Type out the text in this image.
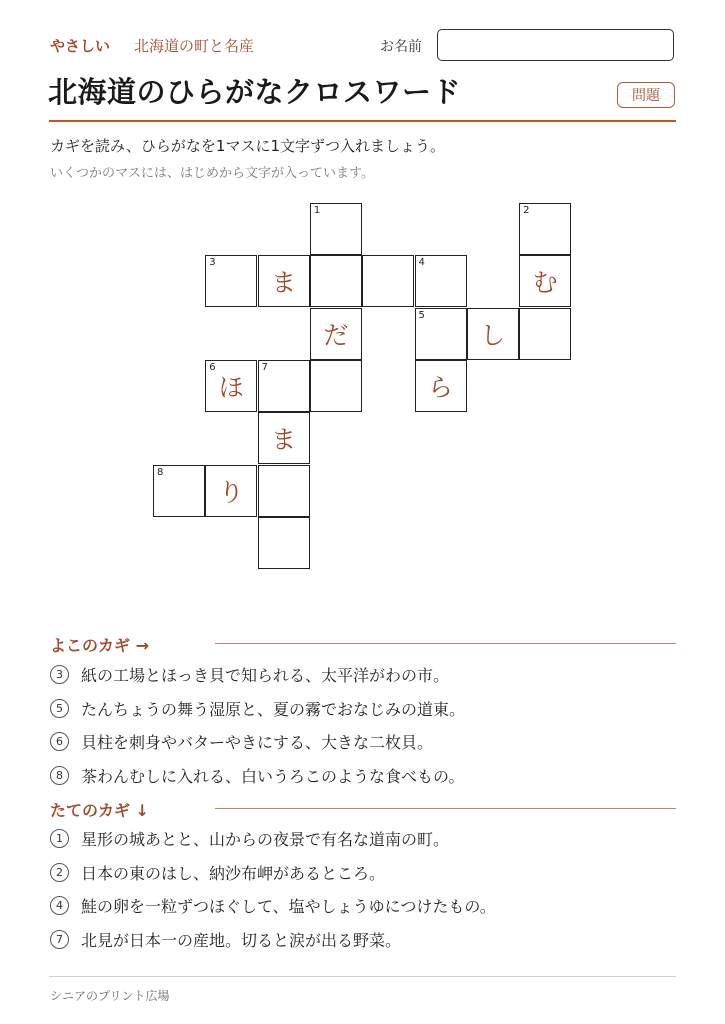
やさしい 北海道の町と名産	お名前
北海道のひらがなクロスワード	問題
カギを読み、ひらがなを1マスに1文字ずつ入れましょう。
いくつかのマスには、はじめから文字が入っています。
1	2
3
ま
4
む
だ
5
し
6
ほ
7
ら
ま
8
り
よこのカギ →
3	紙の工場とほっき貝で知られる、太平洋がわの市。
5	たんちょうの舞う湿原と、夏の霧でおなじみの道東。
6	貝柱を刺身やバターやきにする、大きな二枚貝。
8	茶わんむしに入れる、白いうろこのような食べもの。
たてのカギ ↓
1	星形の城あとと、山からの夜景で有名な道南の町。
2	日本の東のはし、納沙布岬があるところ。
4	鮭の卵を一粒ずつほぐして、塩やしょうゆにつけたもの。
7	北見が日本一の産地。切ると涙が出る野菜。
シニアのプリント広場
